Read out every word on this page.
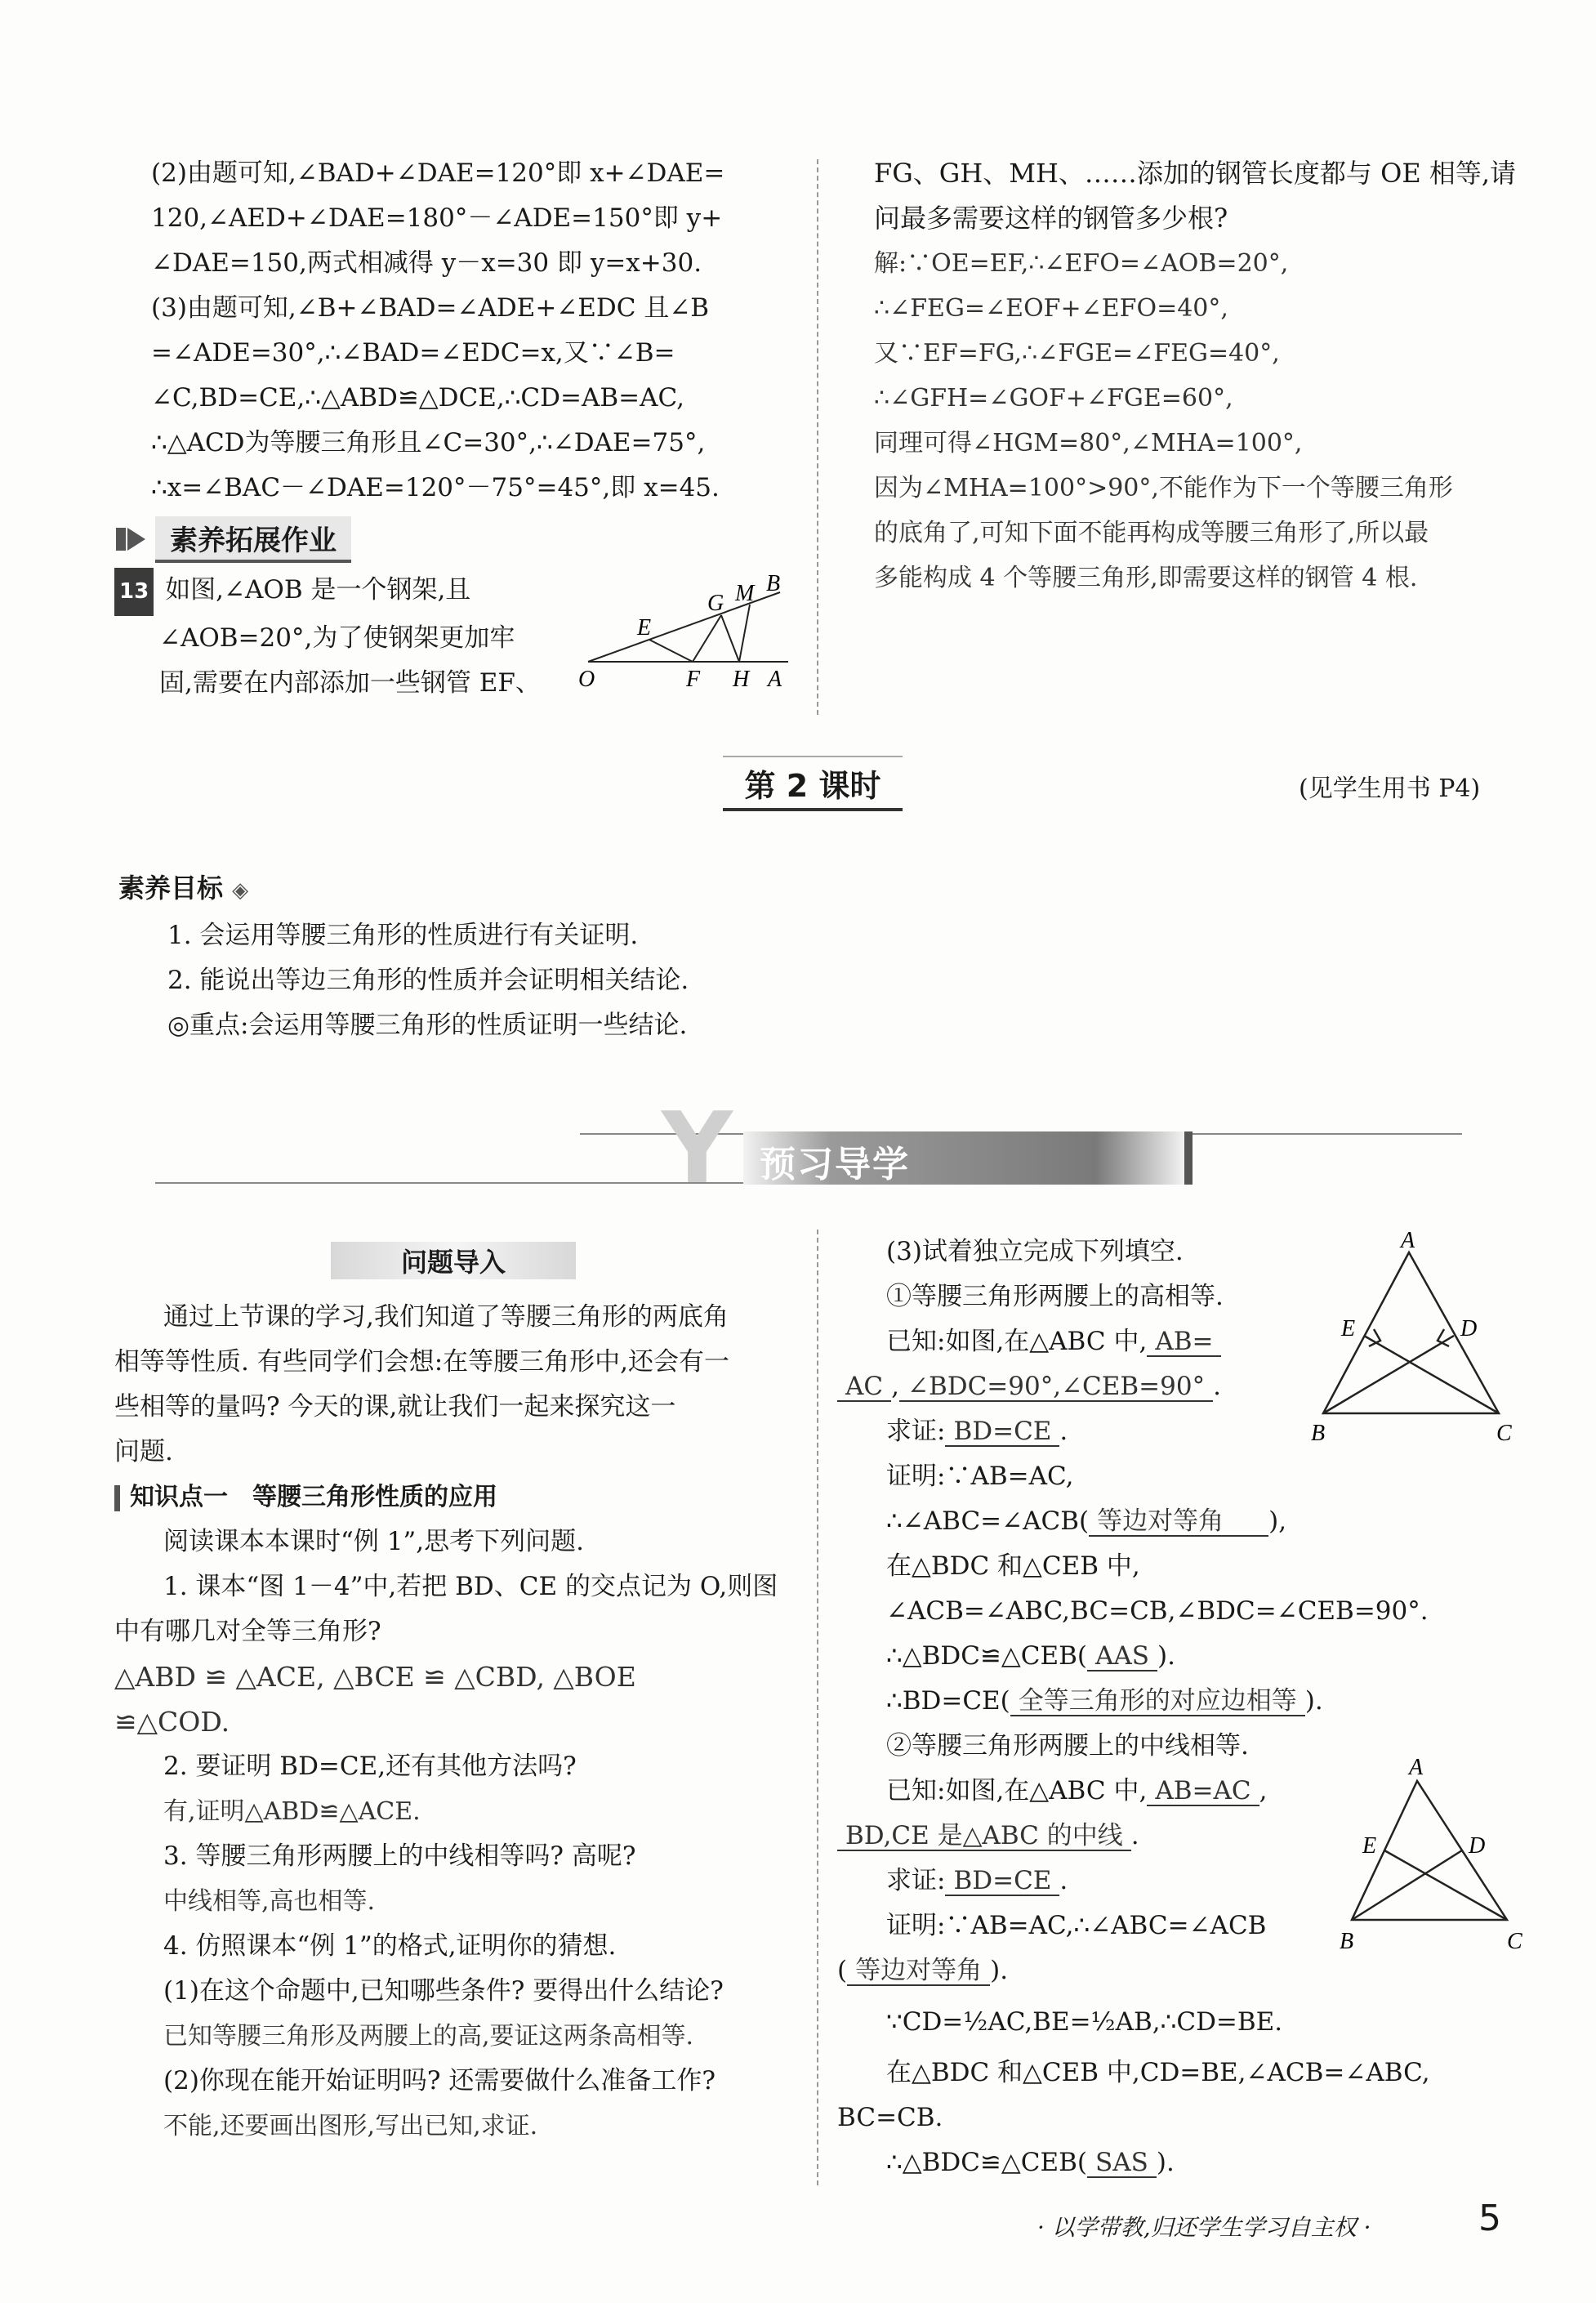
(2)由题可知,∠BAD+∠DAE=120°即 x+∠DAE=
120,∠AED+∠DAE=180°－∠ADE=150°即 y+
∠DAE=150,两式相减得 y－x=30 即 y=x+30.
(3)由题可知,∠B+∠BAD=∠ADE+∠EDC 且∠B
=∠ADE=30°,∴∠BAD=∠EDC=x,又∵∠B=
∠C,BD=CE,∴△ABD≌△DCE,∴CD=AB=AC,
∴△ACD为等腰三角形且∠C=30°,∴∠DAE=75°,
∴x=∠BAC－∠DAE=120°－75°=45°,即 x=45.
素养拓展作业
13 如图,∠AOB 是一个钢架,且
∠AOB=20°,为了使钢架更加牢
固,需要在内部添加一些钢管 EF、	O	F H A
E
G M B
FG、GH、MH、……添加的钢管长度都与 OE 相等,请
问最多需要这样的钢管多少根?
解:∵OE=EF,∴∠EFO=∠AOB=20°,
∴∠FEG=∠EOF+∠EFO=40°,
又∵EF=FG,∴∠FGE=∠FEG=40°,
∴∠GFH=∠GOF+∠FGE=60°,
同理可得∠HGM=80°,∠MHA=100°,
因为∠MHA=100°>90°,不能作为下一个等腰三角形
的底角了,可知下面不能再构成等腰三角形了,所以最
多能构成 4 个等腰三角形,即需要这样的钢管 4 根.
第 2 课时	(见学生用书 P4)
素养目标 ◈
1. 会运用等腰三角形的性质进行有关证明.
2. 能说出等边三角形的性质并会证明相关结论.
◎重点:会运用等腰三角形的性质证明一些结论.
Y 预习导学
问题导入
通过上节课的学习,我们知道了等腰三角形的两底角
相等等性质. 有些同学们会想:在等腰三角形中,还会有一
些相等的量吗? 今天的课,就让我们一起来探究这一
问题.
知识点一　等腰三角形性质的应用
阅读课本本课时“例 1”,思考下列问题.
1. 课本“图 1－4”中,若把 BD、CE 的交点记为 O,则图
中有哪几对全等三角形?
△ABD ≌ △ACE, △BCE ≌ △CBD, △BOE
≌△COD.
2. 要证明 BD=CE,还有其他方法吗?
有,证明△ABD≌△ACE.
3. 等腰三角形两腰上的中线相等吗? 高呢?
中线相等,高也相等.
4. 仿照课本“例 1”的格式,证明你的猜想.
(1)在这个命题中,已知哪些条件? 要得出什么结论?
已知等腰三角形及两腰上的高,要证这两条高相等.
(2)你现在能开始证明吗? 还需要做什么准备工作?
不能,还要画出图形,写出已知,求证.
(3)试着独立完成下列填空.
①等腰三角形两腰上的高相等.
已知:如图,在△ABC 中, AB=
AC , ∠BDC=90°,∠CEB=90° .
求证: BD=CE .
证明:∵AB=AC,
∴∠ABC=∠ACB( 等边对等角 ),
在△BDC 和△CEB 中,
∠ACB=∠ABC,BC=CB,∠BDC=∠CEB=90°.
∴△BDC≌△CEB( AAS ).
∴BD=CE( 全等三角形的对应边相等 ).
②等腰三角形两腰上的中线相等.
已知:如图,在△ABC 中, AB=AC ,
BD,CE 是△ABC 的中线 .
求证: BD=CE .
证明:∵AB=AC,∴∠ABC=∠ACB
( 等边对等角 ).
∵CD=½AC,BE=½AB,∴CD=BE.
在△BDC 和△CEB 中,CD=BE,∠ACB=∠ABC,
BC=CB.
∴△BDC≌△CEB( SAS ).
A
B	C
E	D
A
B	C
E	D
· 以学带教,归还学生学习自主权 ·	5
